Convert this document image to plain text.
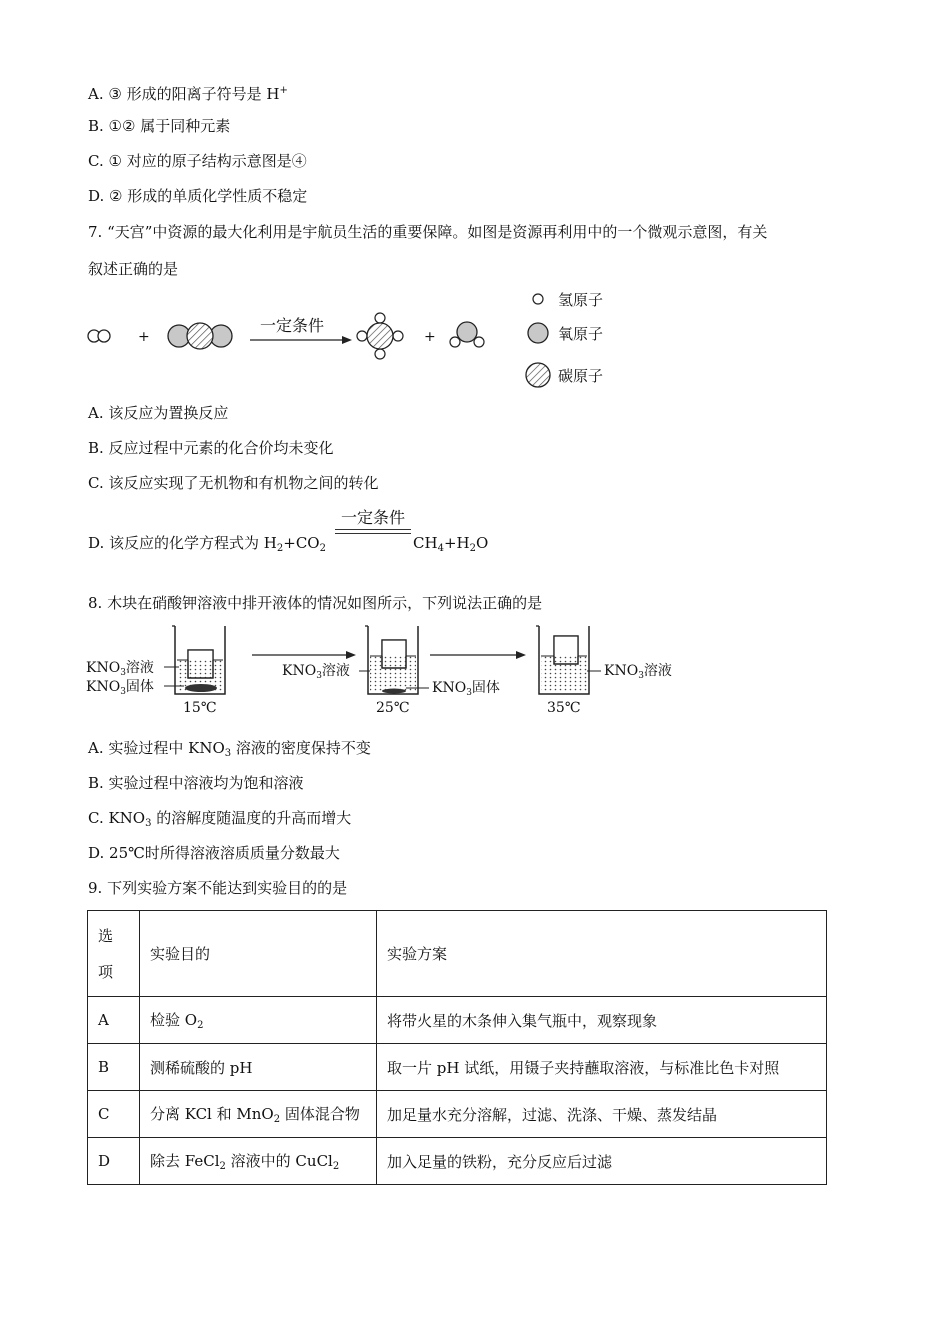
A. ③ 形成的阳离子符号是 H+
B. ①② 属于同种元素
C. ① 对应的原子结构示意图是④
D. ② 形成的单质化学性质不稳定
7. “天宫”中资源的最大化利用是宇航员生活的重要保障。如图是资源再利用中的一个微观示意图，有关
叙述正确的是
+
一定条件
+
氢原子
氧原子
碳原子
A. 该反应为置换反应
B. 反应过程中元素的化合价均未变化
C. 该反应实现了无机物和有机物之间的转化
一定条件
D. 该反应的化学方程式为 $H_2+CO_2$	$CH_4+H_2O$
8. 木块在硝酸钾溶液中排开液体的情况如图所示，下列说法正确的是
$KNO_3$溶液
$KNO_3$固体
15℃
$KNO_3$溶液
$KNO_3$固体
25℃
$KNO_3$溶液
35℃
A. 实验过程中 $KNO_3$ 溶液的密度保持不变
B. 实验过程中溶液均为饱和溶液
C. $KNO_3$ 的溶解度随温度的升高而增大
D. 25℃时所得溶液溶质质量分数最大
9. 下列实验方案不能达到实验目的的是
选
项	实验目的	实验方案
A	检验 $O_2$	将带火星的木条伸入集气瓶中，观察现象
B	测稀硫酸的 pH	取一片 pH 试纸，用镊子夹持蘸取溶液，与标准比色卡对照
C	分离 KCl 和 MnO$_2$ 固体混合物	加足量水充分溶解，过滤、洗涤、干燥、蒸发结晶
D	除去 FeCl$_2$ 溶液中的 CuCl$_2$	加入足量的铁粉，充分反应后过滤
